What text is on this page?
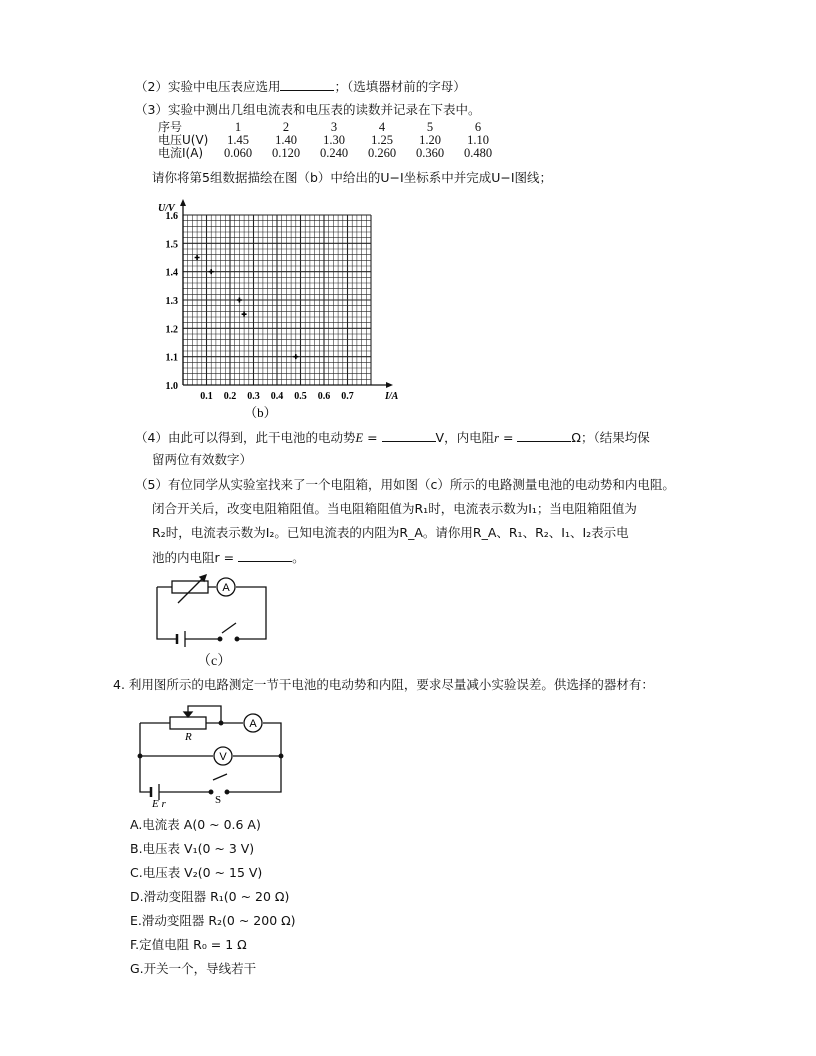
（2）实验中电压表应选用	；（选填器材前的字母）
（3）实验中测出几组电流表和电压表的读数并记录在下表中。
序号	1	2	3	4	5	6
电压U(V)	1.45	1.40	1.30	1.25	1.20	1.10
电流I(A)	0.060	0.120	0.240	0.260	0.360	0.480
请你将第5组数据描绘在图（b）中给出的U−I坐标系中并完成U−I图线；
0.1 0.2 0.3 0.4 0.5 0.6 0.7
1.0
1.1
1.2
1.3
1.4
1.5
1.6
U/V
I/A
（b）
（4）由此可以得到，此干电池的电动势E =	V，内电阻r =	Ω；（结果均保
留两位有效数字）
（5）有位同学从实验室找来了一个电阻箱，用如图（c）所示的电路测量电池的电动势和内电阻。
闭合开关后，改变电阻箱阻值。当电阻箱阻值为R₁时，电流表示数为I₁；当电阻箱阻值为
R₂时，电流表示数为I₂。已知电流表的内阻为R_A。请你用R_A、R₁、R₂、I₁、I₂表示电
池的内电阻r =	。
A
（c）
4. 利用图所示的电路测定一节干电池的电动势和内阻，要求尽量减小实验误差。供选择的器材有：
R
A
V
E r	S
A.电流表 A(0 ~ 0.6 A)
B.电压表 V₁(0 ~ 3 V)
C.电压表 V₂(0 ~ 15 V)
D.滑动变阻器 R₁(0 ~ 20 Ω)
E.滑动变阻器 R₂(0 ~ 200 Ω)
F.定值电阻 R₀ = 1 Ω
G.开关一个，导线若干
